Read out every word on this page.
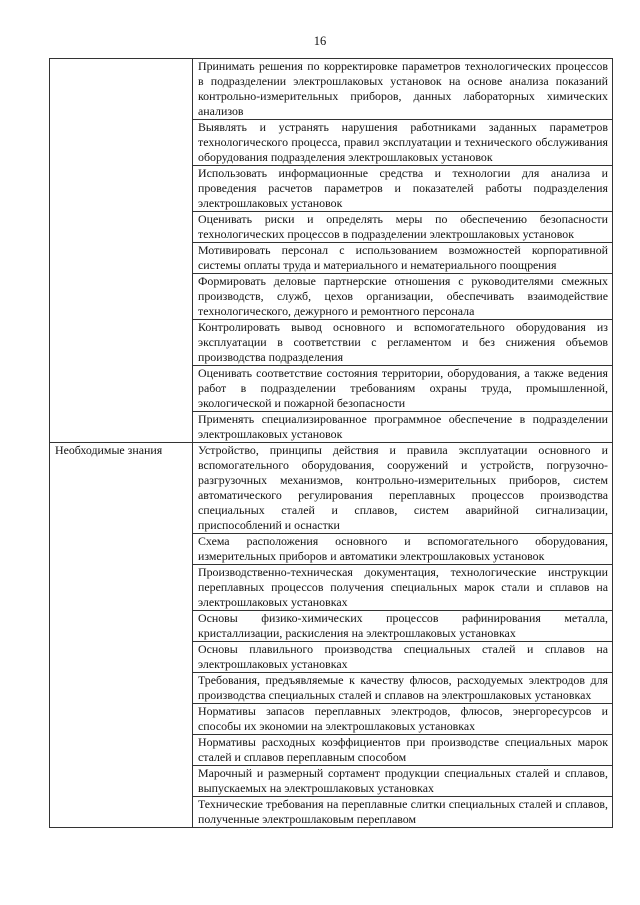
16
	Принимать решения по корректировке параметров технологических процессов в подразделении электрошлаковых установок на основе анализа показаний контрольно-измерительных приборов, данных лабораторных химических анализов
	Выявлять и устранять нарушения работниками заданных параметров технологического процесса, правил эксплуатации и технического обслуживания оборудования подразделения электрошлаковых установок
	Использовать информационные средства и технологии для анализа и проведения расчетов параметров и показателей работы подразделения электрошлаковых установок
	Оценивать риски и определять меры по обеспечению безопасности технологических процессов в подразделении электрошлаковых установок
	Мотивировать персонал с использованием возможностей корпоративной системы оплаты труда и материального и нематериального поощрения
	Формировать деловые партнерские отношения с руководителями смежных производств, служб, цехов организации, обеспечивать взаимодействие технологического, дежурного и ремонтного персонала
	Контролировать вывод основного и вспомогательного оборудования из эксплуатации в соответствии с регламентом и без снижения объемов производства подразделения
	Оценивать соответствие состояния территории, оборудования, а также ведения работ в подразделении требованиям охраны труда, промышленной, экологической и пожарной безопасности
	Применять специализированное программное обеспечение в подразделении электрошлаковых установок
Необходимые знания	Устройство, принципы действия и правила эксплуатации основного и вспомогательного оборудования, сооружений и устройств, погрузочно-разгрузочных механизмов, контрольно-измерительных приборов, систем автоматического регулирования переплавных процессов производства специальных сталей и сплавов, систем аварийной сигнализации, приспособлений и оснастки
	Схема расположения основного и вспомогательного оборудования, измерительных приборов и автоматики электрошлаковых установок
	Производственно-техническая документация, технологические инструкции переплавных процессов получения специальных марок стали и сплавов на электрошлаковых установках
	Основы физико-химических процессов рафинирования металла, кристаллизации, раскисления на электрошлаковых установках
	Основы плавильного производства специальных сталей и сплавов на электрошлаковых установках
	Требования, предъявляемые к качеству флюсов, расходуемых электродов для производства специальных сталей и сплавов на электрошлаковых установках
	Нормативы запасов переплавных электродов, флюсов, энергоресурсов и способы их экономии на электрошлаковых установках
	Нормативы расходных коэффициентов при производстве специальных марок сталей и сплавов переплавным способом
	Марочный и размерный сортамент продукции специальных сталей и сплавов, выпускаемых на электрошлаковых установках
	Технические требования на переплавные слитки специальных сталей и сплавов, полученные электрошлаковым переплавом
